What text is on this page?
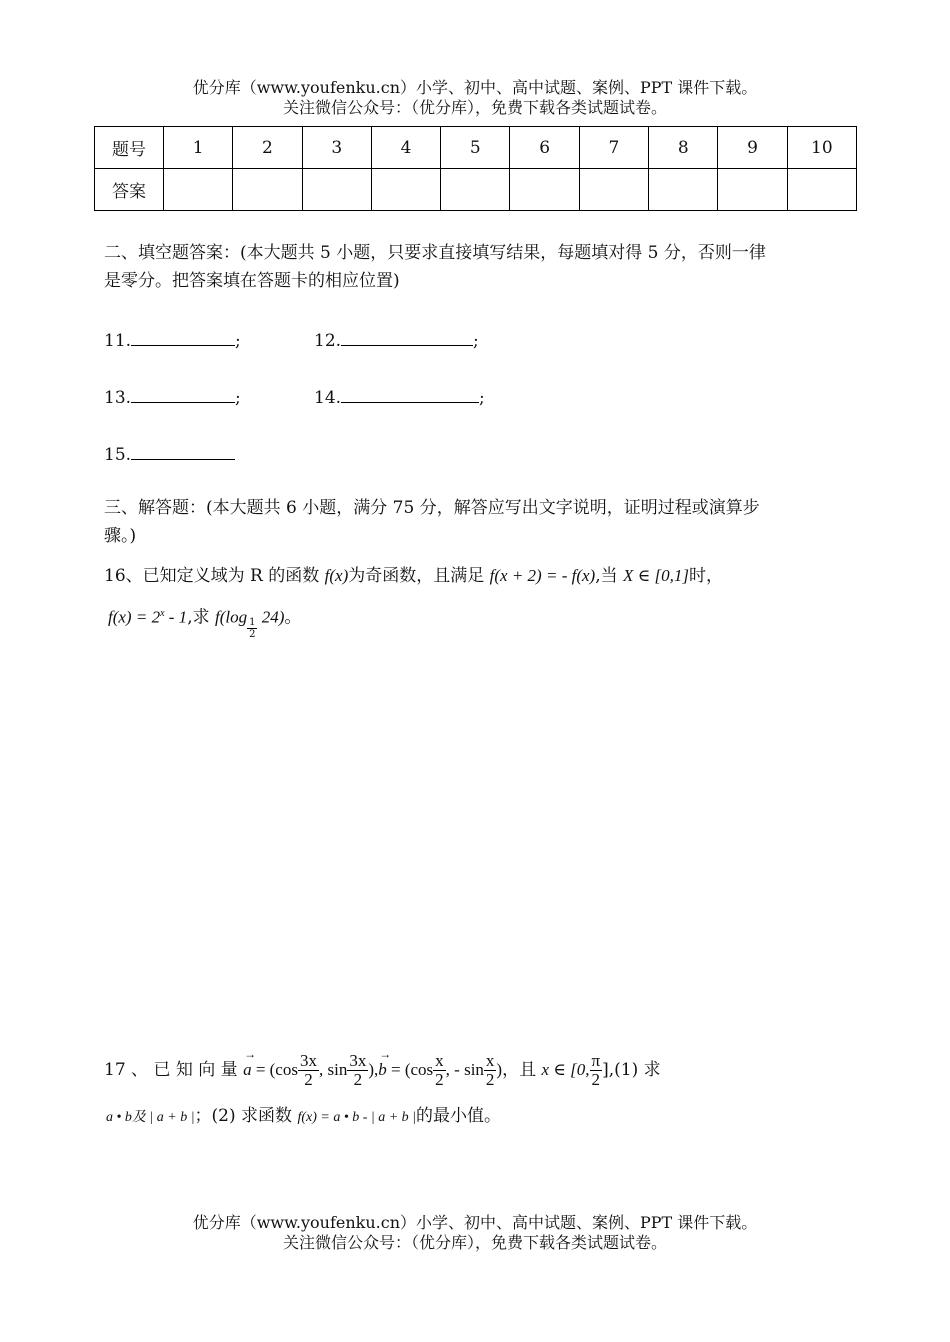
优分库（www.youfenku.cn）小学、初中、高中试题、案例、PPT 课件下载。
关注微信公众号：（优分库），免费下载各类试题试卷。
题号	1	2	3	4	5	6	7	8	9	10
答案										
二、填空题答案：(本大题共 5 小题，只要求直接填写结果，每题填对得 5 分，否则一律
是零分。把答案填在答题卡的相应位置)
11.	;	12.	;
13.	;	14.	;
15.
三、解答题：(本大题共 6 小题，满分 75 分，解答应写出文字说明，证明过程或演算步
骤。)
16、已知定义域为 R 的函数 f(x)为奇函数，且满足 f(x + 2) = - f(x),当 X ∈ [0,1]时，
$f(x) = 2^x - 1$,求 $f(\log \frac{1}{2} 24)$。
17 、 已 知 向 量
→
$a = (\cos \frac{3x}{2}$ , $\sin \frac{3x}{2}$ ),
→
$b = (\cos \frac{x}{2}$ , - $\sin \frac{x}{2}$ )，且 x ∈ [0, $\frac{\pi}{2} ],(1)$ 求
a • b及 | a + b |；(2) 求函数 f(x) = a • b - | a + b |的最小值。
优分库（www.youfenku.cn）小学、初中、高中试题、案例、PPT 课件下载。
关注微信公众号：（优分库），免费下载各类试题试卷。
